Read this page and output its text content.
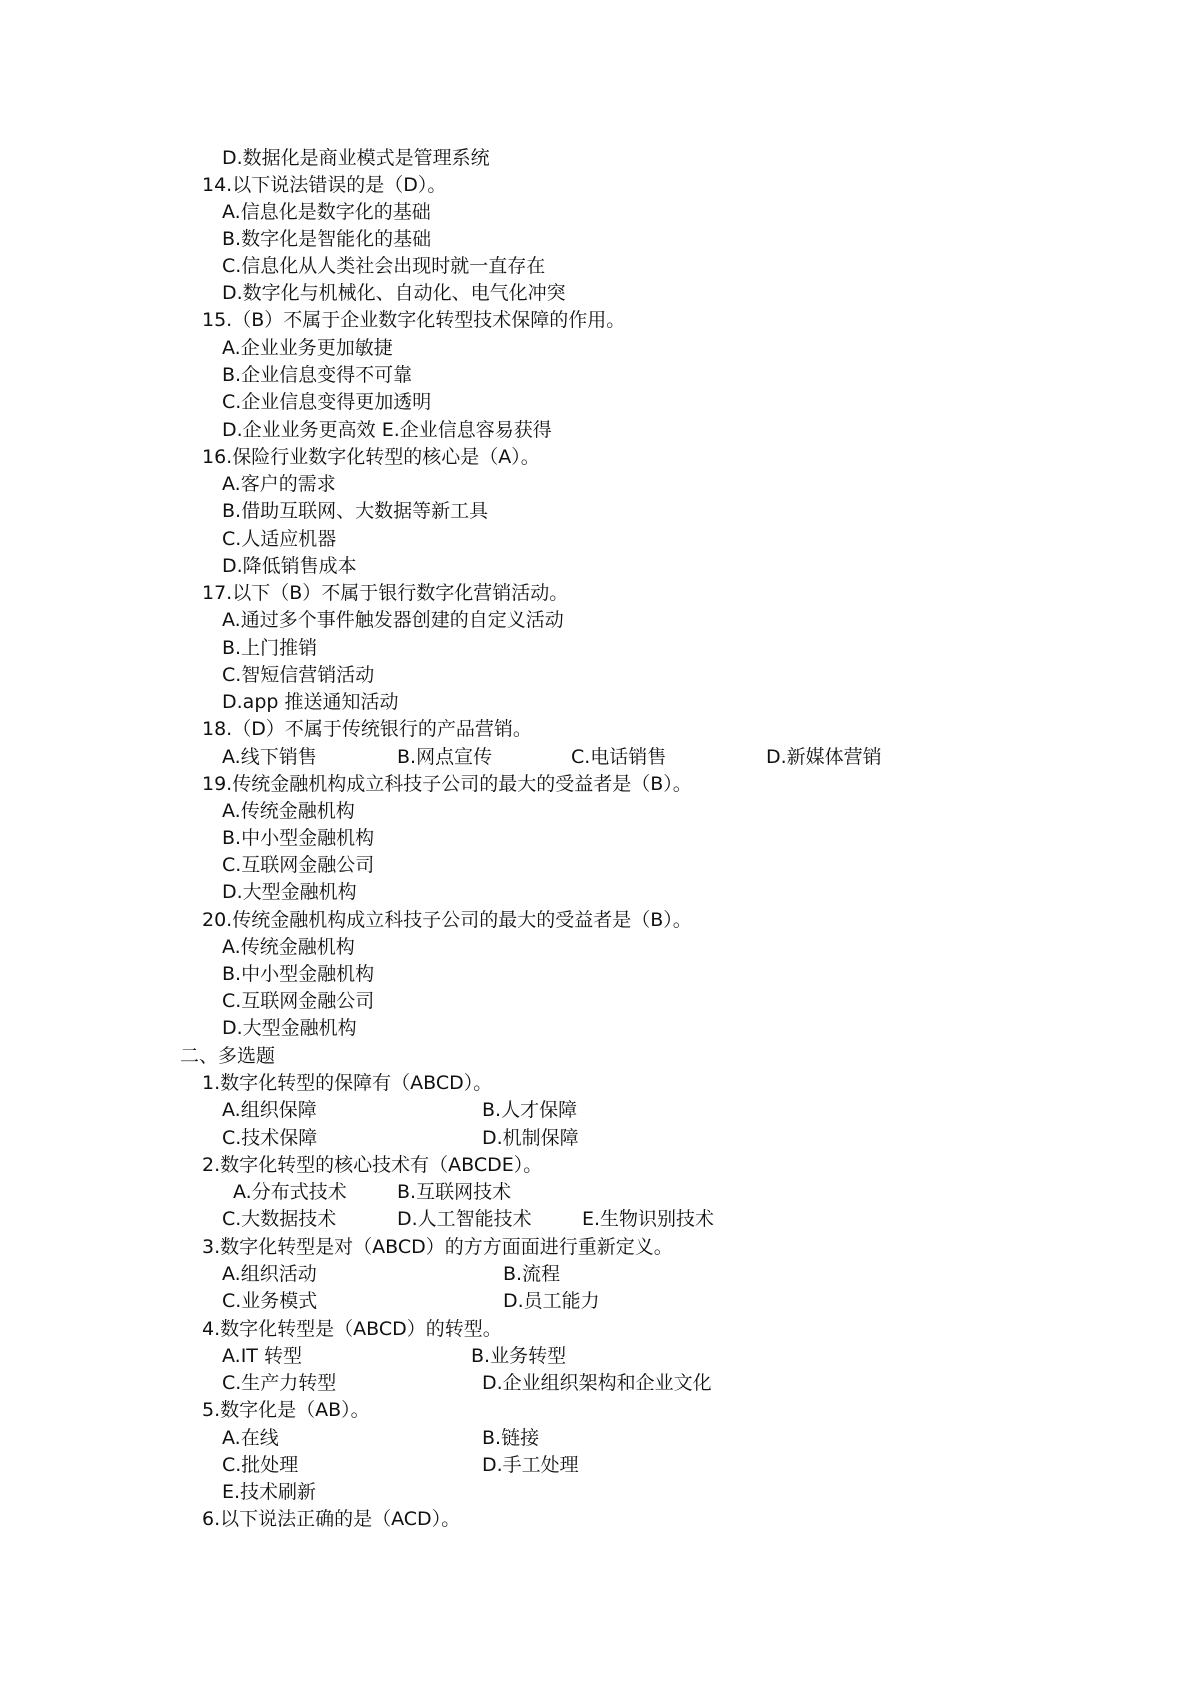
D.数据化是商业模式是管理系统
14.以下说法错误的是（D）。
A.信息化是数字化的基础
B.数字化是智能化的基础
C.信息化从人类社会出现时就一直存在
D.数字化与机械化、自动化、电气化冲突
15.（B）不属于企业数字化转型技术保障的作用。
A.企业业务更加敏捷
B.企业信息变得不可靠
C.企业信息变得更加透明
D.企业业务更高效 E.企业信息容易获得
16.保险行业数字化转型的核心是（A）。
A.客户的需求
B.借助互联网、大数据等新工具
C.人适应机器
D.降低销售成本
17.以下（B）不属于银行数字化营销活动。
A.通过多个事件触发器创建的自定义活动
B.上门推销
C.智短信营销活动
D.app 推送通知活动
18.（D）不属于传统银行的产品营销。
A.线下销售	B.网点宣传	C.电话销售	D.新媒体营销
19.传统金融机构成立科技子公司的最大的受益者是（B）。
A.传统金融机构
B.中小型金融机构
C.互联网金融公司
D.大型金融机构
20.传统金融机构成立科技子公司的最大的受益者是（B）。
A.传统金融机构
B.中小型金融机构
C.互联网金融公司
D.大型金融机构
二、多选题
1.数字化转型的保障有（ABCD）。
A.组织保障	B.人才保障
C.技术保障	D.机制保障
2.数字化转型的核心技术有（ABCDE）。
A.分布式技术	B.互联网技术
C.大数据技术	D.人工智能技术	E.生物识别技术
3.数字化转型是对（ABCD）的方方面面进行重新定义。
A.组织活动	B.流程
C.业务模式	D.员工能力
4.数字化转型是（ABCD）的转型。
A.IT 转型	B.业务转型
C.生产力转型	D.企业组织架构和企业文化
5.数字化是（AB）。
A.在线	B.链接
C.批处理	D.手工处理
E.技术刷新
6.以下说法正确的是（ACD）。
